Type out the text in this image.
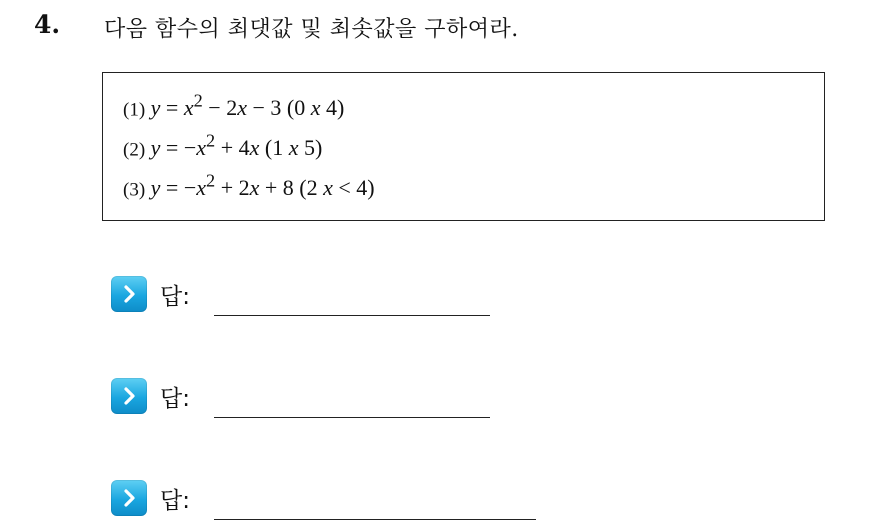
4. 다음 함수의 최댓값 및 최솟값을 구하여라.
(1) $y = x^2 - 2x - 3$ (0 x 4)
(2) $y = -x^2 + 4x$ (1 x 5)
(3) $y = -x^2 + 2x + 8$ (2 x < 4)
답:
답:
답:
